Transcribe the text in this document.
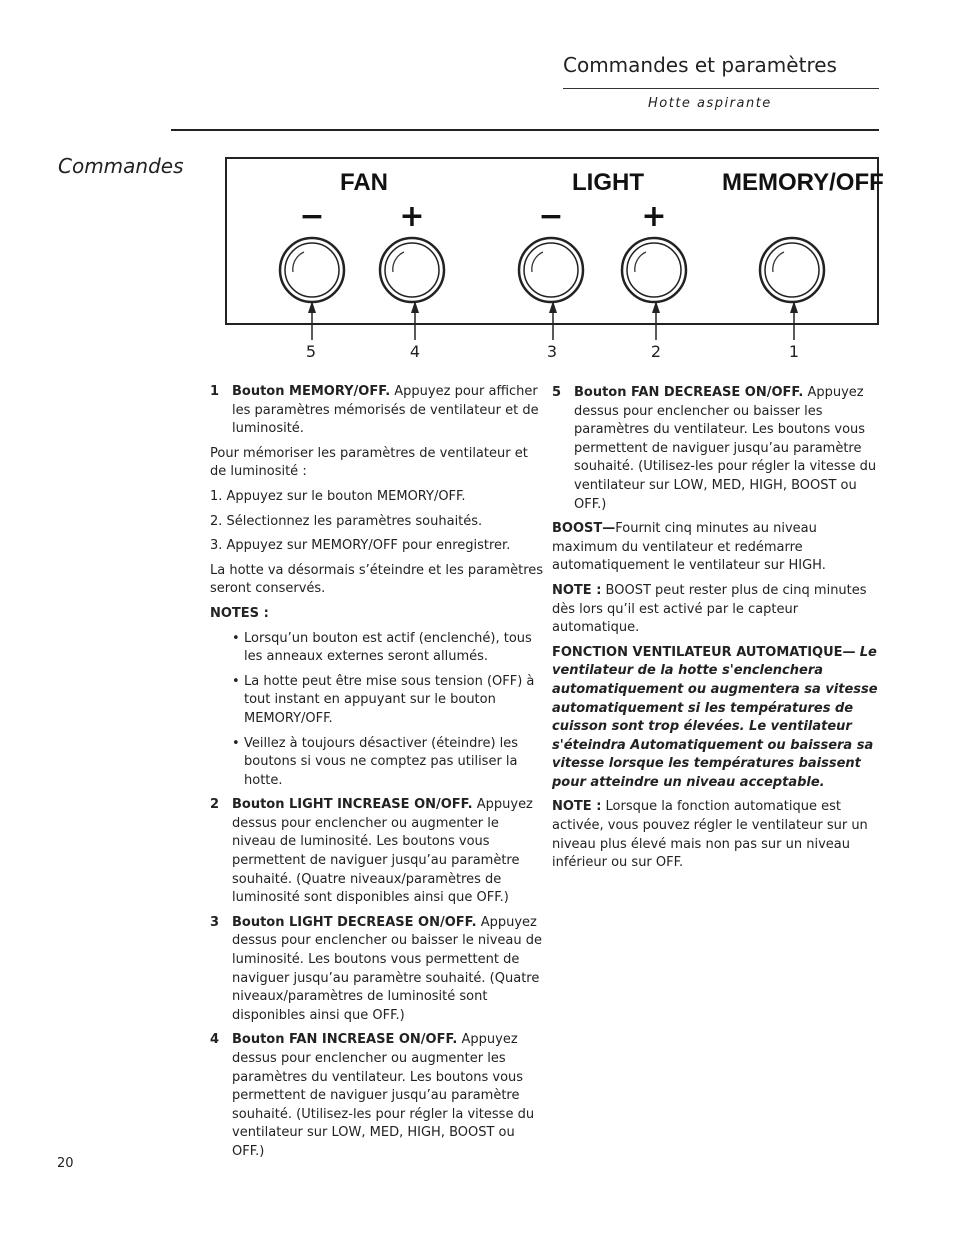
Commandes et paramètres
Hotte aspirante
Commandes
FAN	LIGHT	MEMORY/OFF
− +	−	+
5	4	3	2	1
1 Bouton MEMORY/OFF. Appuyez pour afficher les paramètres mémorisés de ventilateur et de luminosité.

Pour mémoriser les paramètres de ventilateur et de luminosité :

1. Appuyez sur le bouton MEMORY/OFF.

2. Sélectionnez les paramètres souhaités.

3. Appuyez sur MEMORY/OFF pour enregistrer.

La hotte va désormais s’éteindre et les paramètres seront conservés.

NOTES :

• Lorsqu’un bouton est actif (enclenché), tous les anneaux externes seront allumés.
• La hotte peut être mise sous tension (OFF) à tout instant en appuyant sur le bouton MEMORY/OFF.
• Veillez à toujours désactiver (éteindre) les boutons si vous ne comptez pas utiliser la hotte.
2 Bouton LIGHT INCREASE ON/OFF. Appuyez dessus pour enclencher ou augmenter le niveau de luminosité. Les boutons vous permettent de naviguer jusqu’au paramètre souhaité. (Quatre niveaux/paramètres de luminosité sont disponibles ainsi que OFF.)
3 Bouton LIGHT DECREASE ON/OFF. Appuyez dessus pour enclencher ou baisser le niveau de luminosité. Les boutons vous permettent de naviguer jusqu’au paramètre souhaité. (Quatre niveaux/paramètres de luminosité sont disponibles ainsi que OFF.)
4 Bouton FAN INCREASE ON/OFF. Appuyez dessus pour enclencher ou augmenter les paramètres du ventilateur. Les boutons vous permettent de naviguer jusqu’au paramètre souhaité. (Utilisez-les pour régler la vitesse du ventilateur sur LOW, MED, HIGH, BOOST ou OFF.)
5 Bouton FAN DECREASE ON/OFF. Appuyez dessus pour enclencher ou baisser les paramètres du ventilateur. Les boutons vous permettent de naviguer jusqu’au paramètre souhaité. (Utilisez-les pour régler la vitesse du ventilateur sur LOW, MED, HIGH, BOOST ou OFF.)

BOOST—Fournit cinq minutes au niveau maximum du ventilateur et redémarre automatiquement le ventilateur sur HIGH.

NOTE : BOOST peut rester plus de cinq minutes dès lors qu’il est activé par le capteur automatique.

FONCTION VENTILATEUR AUTOMATIQUE— Le ventilateur de la hotte s'enclenchera automatiquement ou augmentera sa vitesse automatiquement si les températures de cuisson sont trop élevées. Le ventilateur s'éteindra Automatiquement ou baissera sa vitesse lorsque les températures baissent pour atteindre un niveau acceptable.

NOTE : Lorsque la fonction automatique est activée, vous pouvez régler le ventilateur sur un niveau plus élevé mais non pas sur un niveau inférieur ou sur OFF.

20
